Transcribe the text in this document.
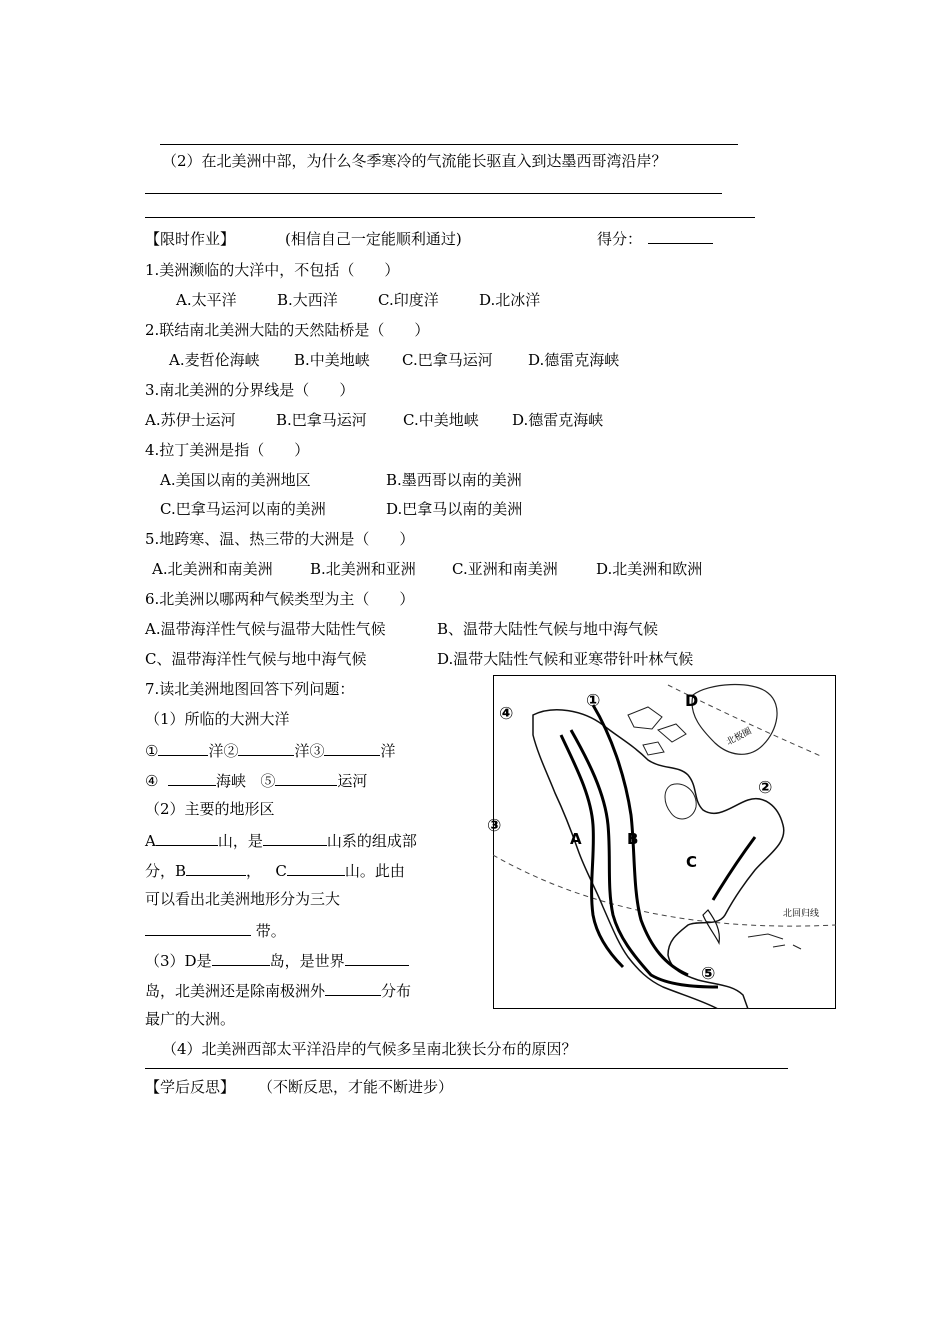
（2）在北美洲中部，为什么冬季寒冷的气流能长驱直入到达墨西哥湾沿岸？
【限时作业】	(相信自己一定能顺利通过)	得分：
1.美洲濒临的大洋中，不包括（　　）
A.太平洋	B.大西洋	C.印度洋	D.北冰洋
2.联结南北美洲大陆的天然陆桥是（　　）
A.麦哲伦海峡 B.中美地峡 C.巴拿马运河 D.德雷克海峡
3.南北美洲的分界线是（　　）
A.苏伊士运河	B.巴拿马运河 C.中美地峡 D.德雷克海峡
4.拉丁美洲是指（　　）
A.美国以南的美洲地区	B.墨西哥以南的美洲
C.巴拿马运河以南的美洲	D.巴拿马以南的美洲
5.地跨寒、温、热三带的大洲是（　　）
A.北美洲和南美洲 B.北美洲和亚洲 C.亚洲和南美洲	D.北美洲和欧洲
6.北美洲以哪两种气候类型为主（　　）
A.温带海洋性气候与温带大陆性气候	B、温带大陆性气候与地中海气候
C、温带海洋性气候与地中海气候	D.温带大陆性气候和亚寒带针叶林气候
7.读北美洲地图回答下列问题：
（1）所临的大洲大洋
①	洋②	洋③	洋
④	海峡 ⑤	运河
（2）主要的地形区
A	山，是	山系的组成部
分，B	， C	山。此由
可以看出北美洲地形分为三大
带。
（3）D是	岛，是世界
岛，北美洲还是除南极洲外	分布
最广的大洲。
（4）北美洲西部太平洋沿岸的气候多呈南北狭长分布的原因？
【学后反思】 （不断反思，才能不断进步）
①
④
D
②
A	B
C
⑤
北极圈
北回归线
③
